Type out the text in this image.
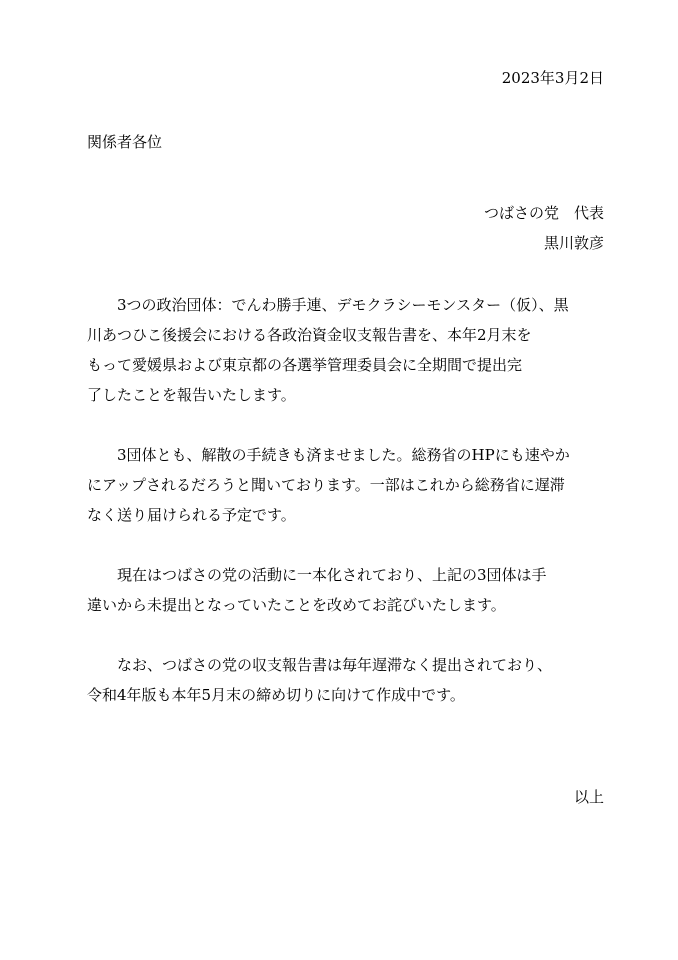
2023年3月2日
関係者各位
つばさの党　代表
黒川敦彦
3つの政治団体：でんわ勝手連、デモクラシーモンスター（仮）、黒
川あつひこ後援会における各政治資金収支報告書を、本年2月末を
もって愛媛県および東京都の各選挙管理委員会に全期間で提出完
了したことを報告いたします。
3団体とも、解散の手続きも済ませました。総務省のHPにも速やか
にアップされるだろうと聞いております。一部はこれから総務省に遅滞
なく送り届けられる予定です。
現在はつばさの党の活動に一本化されており、上記の3団体は手
違いから未提出となっていたことを改めてお詫びいたします。
なお、つばさの党の収支報告書は毎年遅滞なく提出されており、
令和4年版も本年5月末の締め切りに向けて作成中です。
以上
